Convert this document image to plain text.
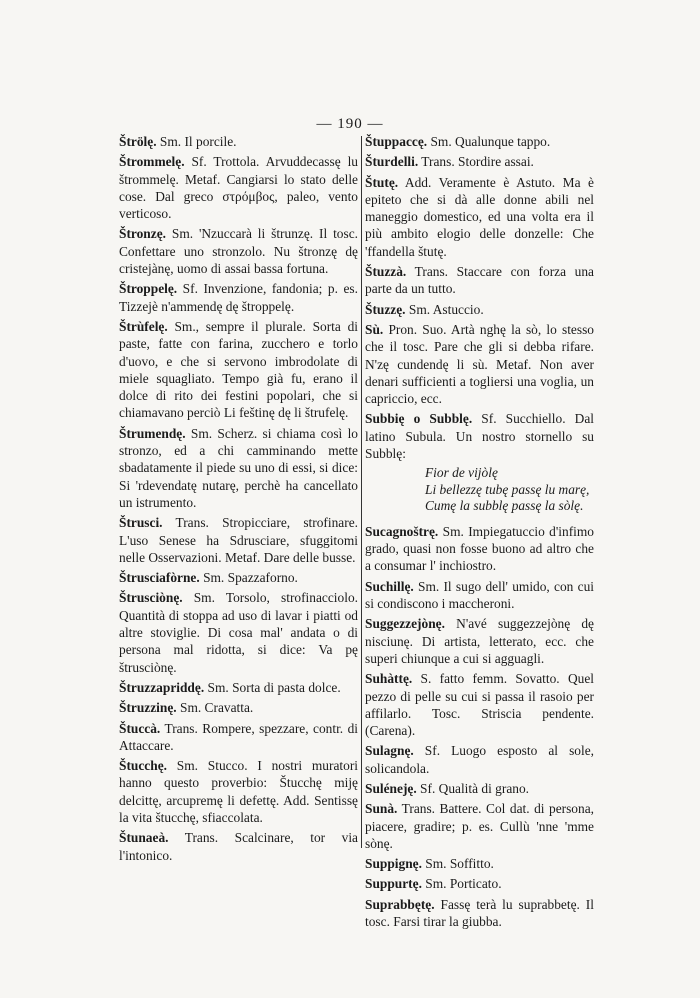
— 190 —

Štrölę. Sm. Il porcile.

Štrommelę. Sf. Trottola. Arvuddecassę lu štrommelę. Metaf. Cangiarsi lo stato delle cose. Dal greco στρόμβος, paleo, vento verticoso.

Štronzę. Sm. 'Nzuccarà li štrunzę. Il tosc. Confettare uno stronzolo. Nu štronzę dę cristejànę, uomo di assai bassa fortuna.

Štroppelę. Sf. Invenzione, fandonia; p. es. Tizzejè n'ammendę dę štroppelę.

Štrùfelę. Sm., sempre il plurale. Sorta di paste, fatte con farina, zucchero e torlo d'uovo, e che si servono imbrodolate di miele squagliato. Tempo già fu, erano il dolce di rito dei festini popolari, che si chiamavano perciò Li feštinę dę li štrufelę.

Štrumendę. Sm. Scherz. si chiama così lo stronzo, ed a chi camminando mette sbadatamente il piede su uno di essi, si dice: Si 'rdevendatę nutarę, perchè ha cancellato un istrumento.

Štrusci. Trans. Stropicciare, strofinare. L'uso Senese ha Sdrusciare, sfuggitomi nelle Osservazioni. Metaf. Dare delle busse.

Štrusciafòrne. Sm. Spazzaforno.

Štrusciònę. Sm. Torsolo, strofinacciolo. Quantità di stoppa ad uso di lavar i piatti od altre stoviglie. Di cosa mal' andata o di persona mal ridotta, si dice: Va pę štrusciònę.

Štruzzapriddę. Sm. Sorta di pasta dolce.

Štruzzinę. Sm. Cravatta.

Štuccà. Trans. Rompere, spezzare, contr. di Attaccare.

Štucchę. Sm. Stucco. I nostri muratori hanno questo proverbio: Štucchę miję delcittę, arcupremę li defettę. Add. Sentissę la vita štucchę, sfiaccolata.

Štunaeà. Trans. Scalcinare, tor via l'intonico.

Štuppaccę. Sm. Qualunque tappo.

Šturdelli. Trans. Stordire assai.

Štutę. Add. Veramente è Astuto. Ma è epiteto che si dà alle donne abili nel maneggio domestico, ed una volta era il più ambito elogio delle donzelle: Che 'ffandella štutę.

Štuzzà. Trans. Staccare con forza una parte da un tutto.

Štuzzę. Sm. Astuccio.

Sù. Pron. Suo. Artà nghę la sò, lo stesso che il tosc. Pare che gli si debba rifare. N'zę cundendę li sù. Metaf. Non aver denari sufficienti a togliersi una voglia, un capriccio, ecc.

Subbię o Subblę. Sf. Succhiello. Dal latino Subula. Un nostro stornello su Subblę:

Fior de vijòlę
Li bellezzę tubę passę lu marę,
Cumę la subblę passę la sòlę.

Sucagnoštrę. Sm. Impiegatuccio d'infimo grado, quasi non fosse buono ad altro che a consumar l' inchiostro.

Suchillę. Sm. Il sugo dell' umido, con cui si condiscono i maccheroni.

Suggezzejònę. N'avé suggezzejònę dę nisciunę. Di artista, letterato, ecc. che superi chiunque a cui si agguagli.

Suhàttę. S. fatto femm. Sovatto. Quel pezzo di pelle su cui si passa il rasoio per affilarlo. Tosc. Striscia pendente. (Carena).

Sulagnę. Sf. Luogo esposto al sole, solicandola.

Suléneję. Sf. Qualità di grano.

Sunà. Trans. Battere. Col dat. di persona, piacere, gradire; p. es. Cullù 'nne 'mme sònę.

Suppignę. Sm. Soffitto.

Suppurtę. Sm. Porticato.

Suprabbętę. Fassę terà lu suprabbetę. Il tosc. Farsi tirar la giubba.
